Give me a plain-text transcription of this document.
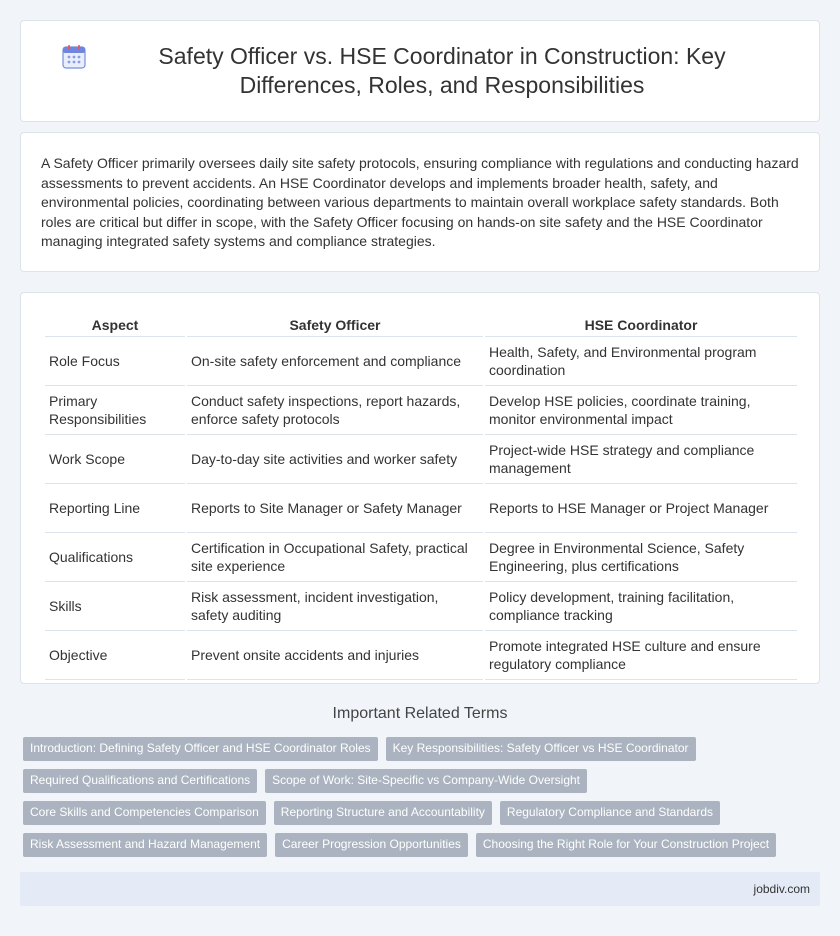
Safety Officer vs. HSE Coordinator in Construction: Key Differences, Roles, and Responsibilities

A Safety Officer primarily oversees daily site safety protocols, ensuring compliance with regulations and conducting hazard assessments to prevent accidents. An HSE Coordinator develops and implements broader health, safety, and environmental policies, coordinating between various departments to maintain overall workplace safety standards. Both roles are critical but differ in scope, with the Safety Officer focusing on hands-on site safety and the HSE Coordinator managing integrated safety systems and compliance strategies.

Aspect	Safety Officer	HSE Coordinator
Role Focus	On-site safety enforcement and compliance	Health, Safety, and Environmental program coordination
Primary Responsibilities	Conduct safety inspections, report hazards, enforce safety protocols	Develop HSE policies, coordinate training, monitor environmental impact
Work Scope	Day-to-day site activities and worker safety	Project-wide HSE strategy and compliance management
Reporting Line	Reports to Site Manager or Safety Manager	Reports to HSE Manager or Project Manager
Qualifications	Certification in Occupational Safety, practical site experience	Degree in Environmental Science, Safety Engineering, plus certifications
Skills	Risk assessment, incident investigation, safety auditing	Policy development, training facilitation, compliance tracking
Objective	Prevent onsite accidents and injuries	Promote integrated HSE culture and ensure regulatory compliance
Important Related Terms
Introduction: Defining Safety Officer and HSE Coordinator Roles	Key Responsibilities: Safety Officer vs HSE Coordinator
Required Qualifications and Certifications	Scope of Work: Site-Specific vs Company-Wide Oversight
Core Skills and Competencies Comparison	Reporting Structure and Accountability	Regulatory Compliance and Standards
Risk Assessment and Hazard Management	Career Progression Opportunities	Choosing the Right Role for Your Construction Project
jobdiv.com
